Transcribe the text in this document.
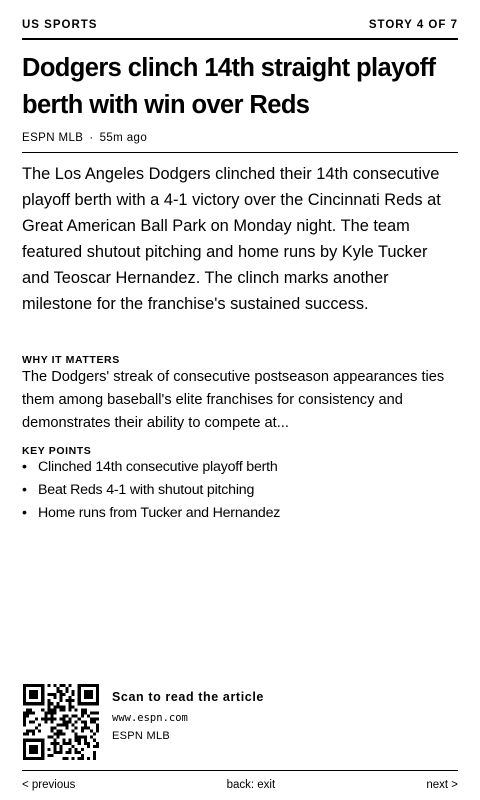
US SPORTS	STORY 4 OF 7
Dodgers clinch 14th straight playoff berth with win over Reds
ESPN MLB · 55m ago

The Los Angeles Dodgers clinched their 14th consecutive playoff berth with a 4-1 victory over the Cincinnati Reds at Great American Ball Park on Monday night. The team featured shutout pitching and home runs by Kyle Tucker and Teoscar Hernandez. The clinch marks another milestone for the franchise's sustained success.

WHY IT MATTERS

The Dodgers' streak of consecutive postseason appearances ties them among baseball's elite franchises for consistency and demonstrates their ability to compete at...

KEY POINTS
• Clinched 14th consecutive playoff berth
• Beat Reds 4-1 with shutout pitching
• Home runs from Tucker and Hernandez
Scan to read the article
www.espn.com
ESPN MLB
< previous	back: exit	next >
